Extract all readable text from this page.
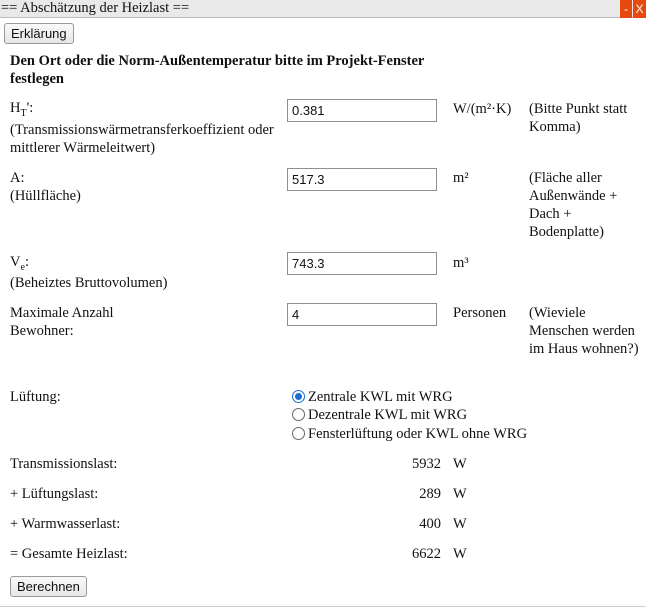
== Abschätzung der Heizlast ==	- X
Erklärung
Den Ort oder die Norm-Außentemperatur bitte im Projekt-Fenster festlegen
$H_T'$:
(Transmissionswärmetransferkoeffizient oder mittlerer Wärmeleitwert)
0.381	W/(m²·K) (Bitte Punkt statt Komma)
A:
(Hüllfläche)
517.3	m²	(Fläche aller Außenwände + Dach + Bodenplatte)
$V_e$:
(Beheiztes Bruttovolumen)
743.3	m³
Maximale Anzahl Bewohner:
4	Personen (Wieviele Menschen werden im Haus wohnen?)
Lüftung:	Zentrale KWL mit WRG
Dezentrale KWL mit WRG
Fensterlüftung oder KWL ohne WRG
Transmissionslast:	5932 W
+ Lüftungslast:	289 W
+ Warmwasserlast:	400 W
= Gesamte Heizlast:	6622 W
Berechnen
